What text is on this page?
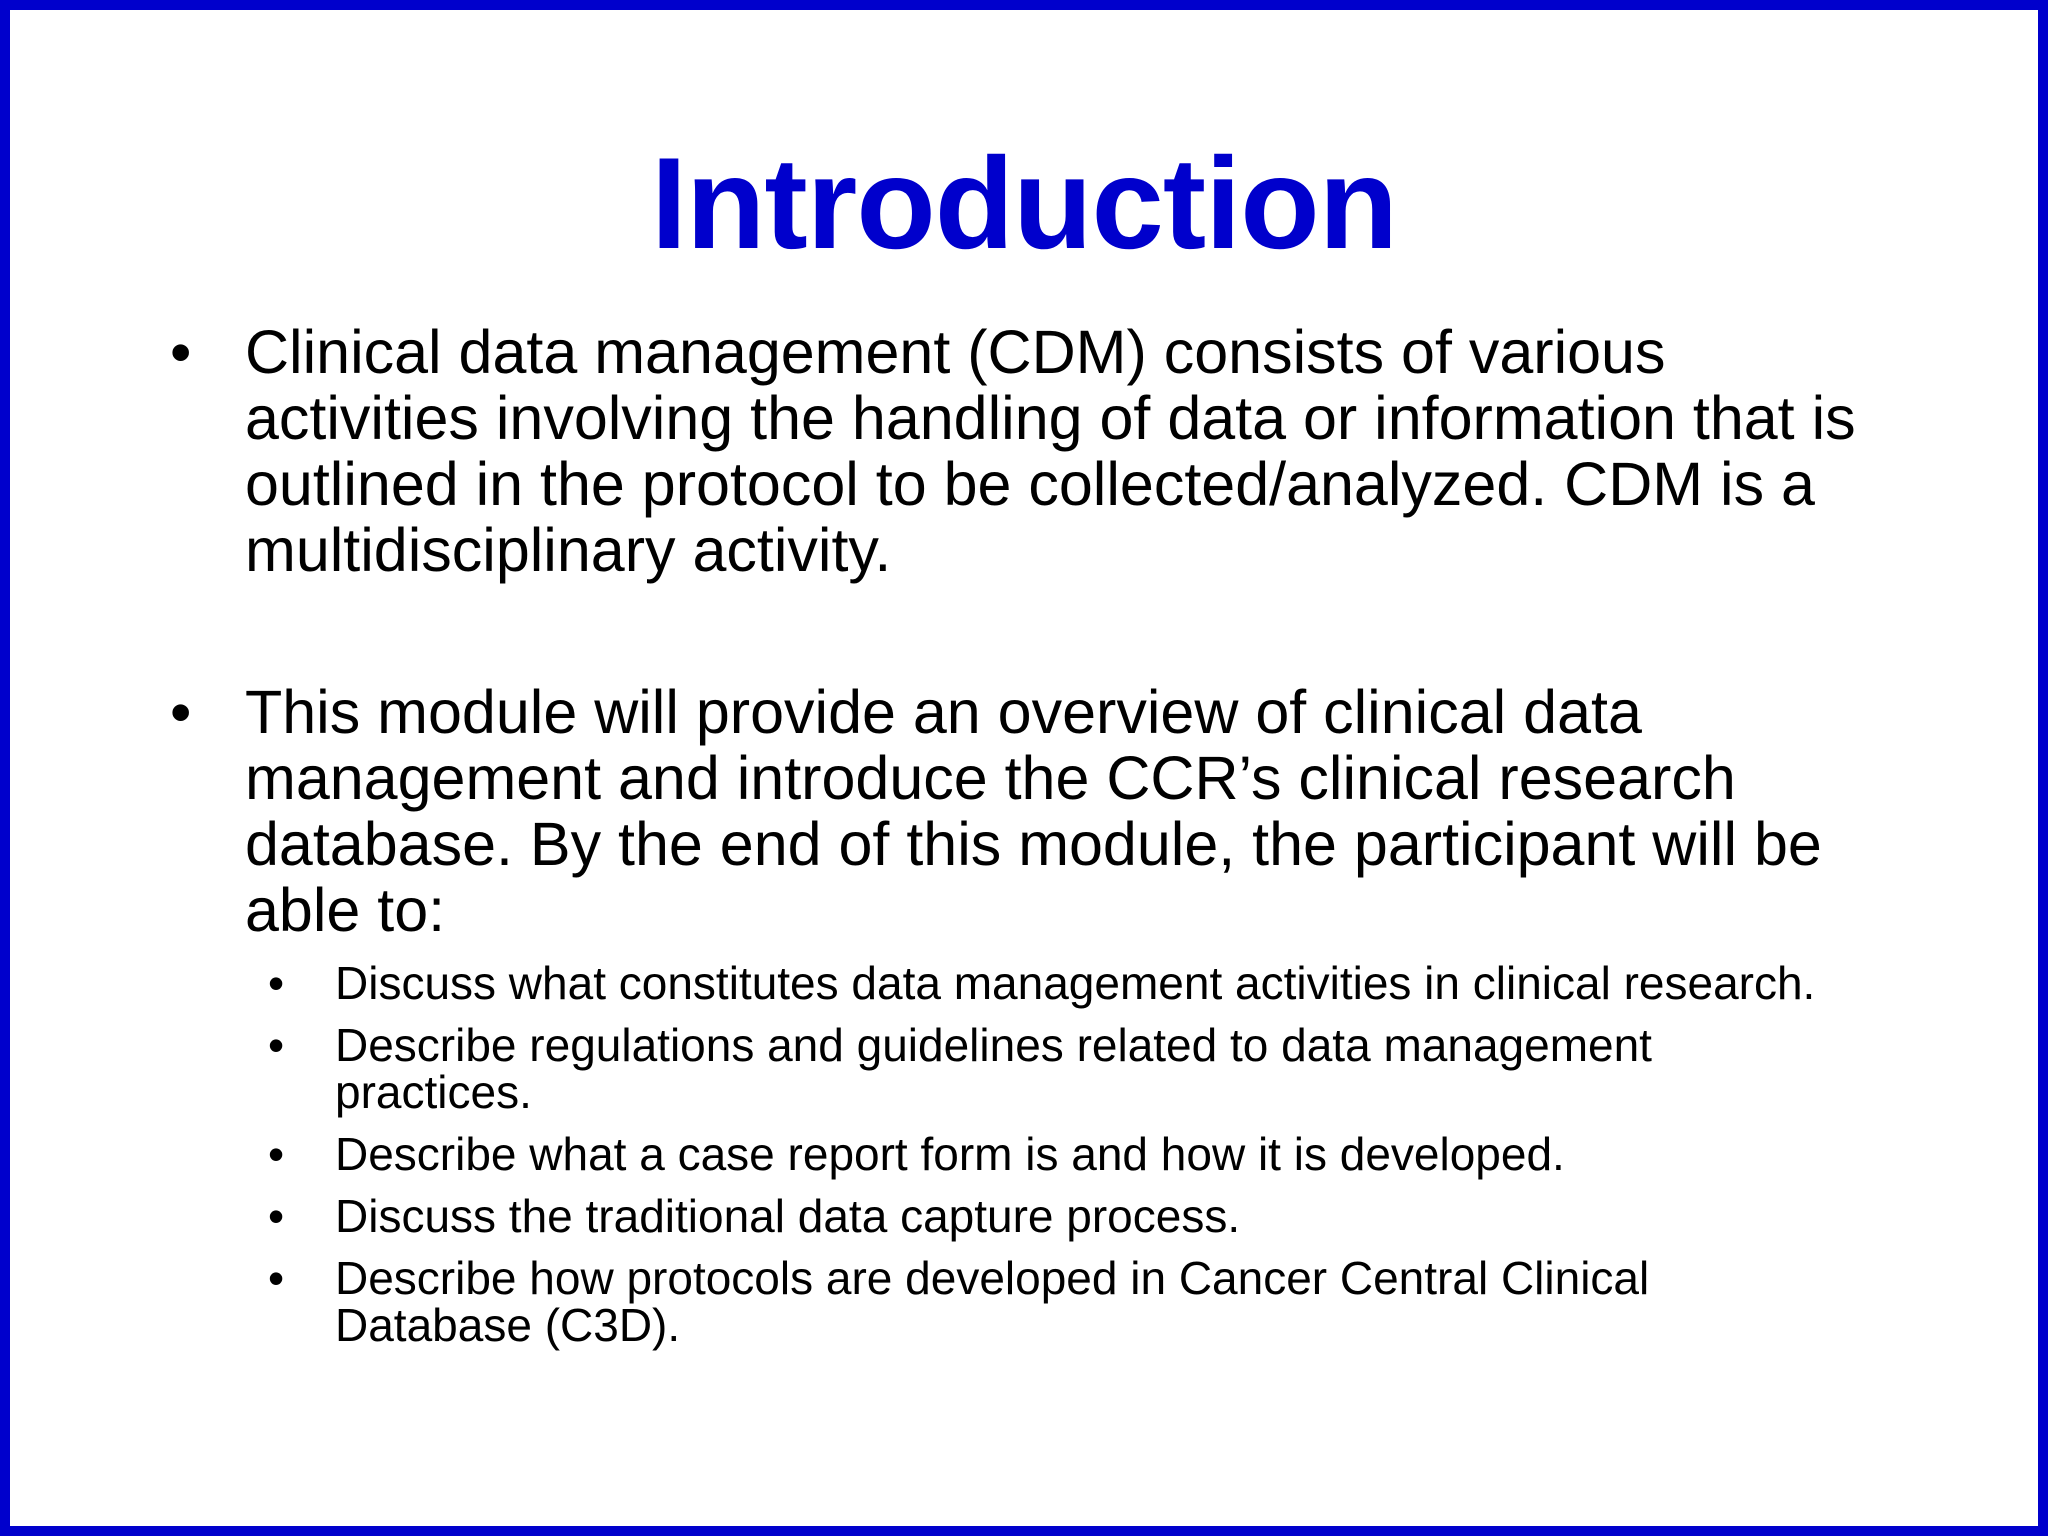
Introduction
• Clinical data management (CDM) consists of various activities involving the handling of data or information that is outlined in the protocol to be collected/analyzed. CDM is a multidisciplinary activity.
• This module will provide an overview of clinical data management and introduce the CCR’s clinical research database. By the end of this module, the participant will be able to:
• Discuss what constitutes data management activities in clinical research.
• Describe regulations and guidelines related to data management practices.
• Describe what a case report form is and how it is developed.
• Discuss the traditional data capture process.
• Describe how protocols are developed in Cancer Central Clinical Database (C3D).
